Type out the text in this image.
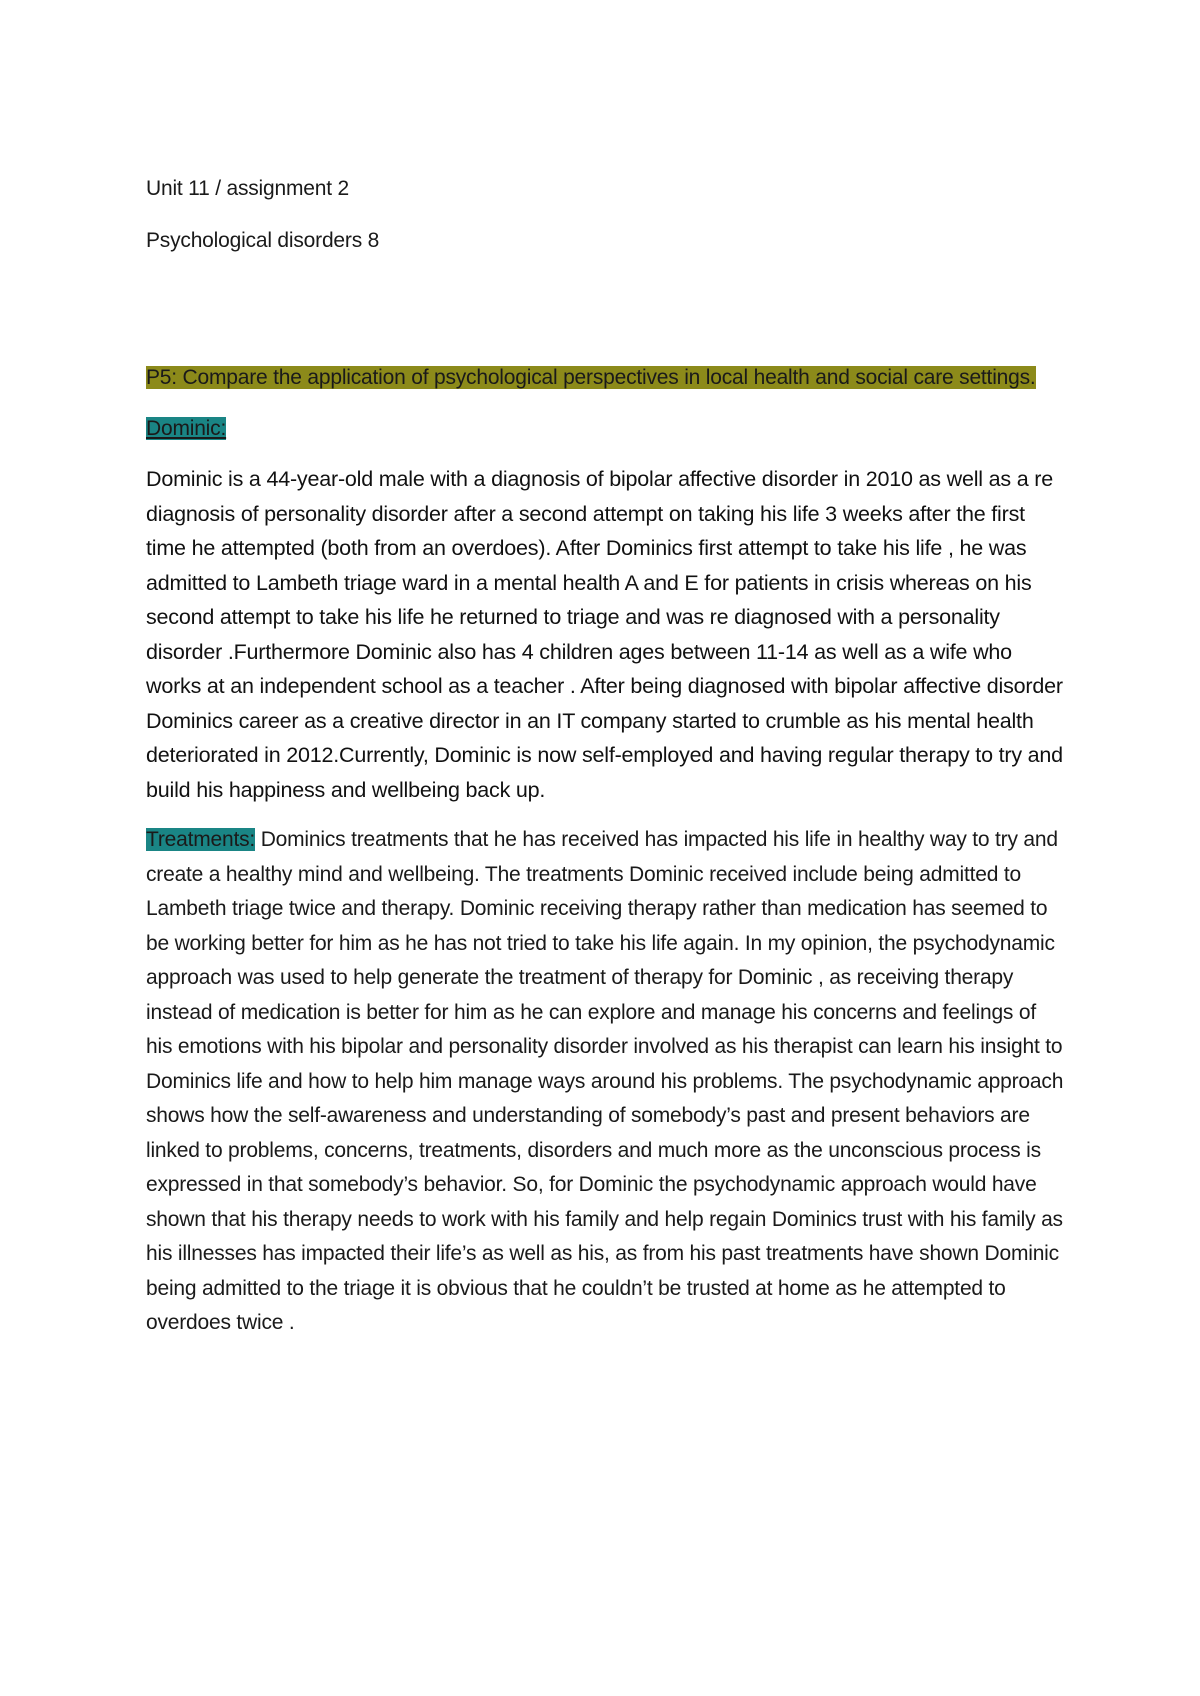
Unit 11 / assignment 2

Psychological disorders 8

P5: Compare the application of psychological perspectives in local health and social care settings.

Dominic:

Dominic is a 44-year-old male with a diagnosis of bipolar affective disorder in 2010 as well as a re diagnosis of personality disorder after a second attempt on taking his life 3 weeks after the first time he attempted (both from an overdoes). After Dominics first attempt to take his life , he was admitted to Lambeth triage ward in a mental health A and E for patients in crisis whereas on his second attempt to take his life he returned to triage and was re diagnosed with a personality disorder .Furthermore Dominic also has 4 children ages between 11-14 as well as a wife who works at an independent school as a teacher . After being diagnosed with bipolar affective disorder Dominics career as a creative director in an IT company started to crumble as his mental health deteriorated in 2012.Currently, Dominic is now self-employed and having regular therapy to try and build his happiness and wellbeing back up.

Treatments: Dominics treatments that he has received has impacted his life in healthy way to try and create a healthy mind and wellbeing. The treatments Dominic received include being admitted to Lambeth triage twice and therapy. Dominic receiving therapy rather than medication has seemed to be working better for him as he has not tried to take his life again. In my opinion, the psychodynamic approach was used to help generate the treatment of therapy for Dominic , as receiving therapy instead of medication is better for him as he can explore and manage his concerns and feelings of his emotions with his bipolar and personality disorder involved as his therapist can learn his insight to Dominics life and how to help him manage ways around his problems. The psychodynamic approach shows how the self-awareness and understanding of somebody’s past and present behaviors are linked to problems, concerns, treatments, disorders and much more as the unconscious process is expressed in that somebody’s behavior. So, for Dominic the psychodynamic approach would have shown that his therapy needs to work with his family and help regain Dominics trust with his family as his illnesses has impacted their life’s as well as his, as from his past treatments have shown Dominic being admitted to the triage it is obvious that he couldn’t be trusted at home as he attempted to overdoes twice .
